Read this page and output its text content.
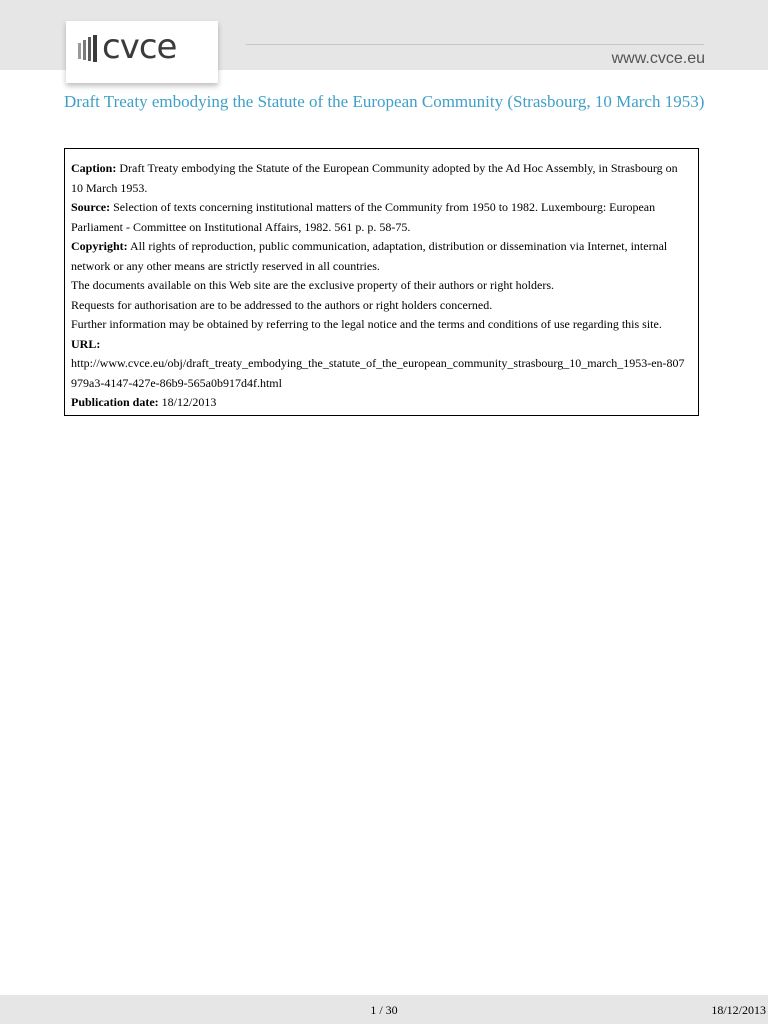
cvce	www.cvce.eu
Draft Treaty embodying the Statute of the European Community (Strasbourg, 10 March 1953)

Caption: Draft Treaty embodying the Statute of the European Community adopted by the Ad Hoc Assembly, in Strasbourg on 10 March 1953.

Source: Selection of texts concerning institutional matters of the Community from 1950 to 1982. Luxembourg: European Parliament - Committee on Institutional Affairs, 1982. 561 p. p. 58-75.

Copyright: All rights of reproduction, public communication, adaptation, distribution or dissemination via Internet, internal network or any other means are strictly reserved in all countries.

The documents available on this Web site are the exclusive property of their authors or right holders.

Requests for authorisation are to be addressed to the authors or right holders concerned.

Further information may be obtained by referring to the legal notice and the terms and conditions of use regarding this site.

URL:

http://www.cvce.eu/obj/draft_treaty_embodying_the_statute_of_the_european_community_strasbourg_10_march_1953-en-807979a3-4147-427e-86b9-565a0b917d4f.html

Publication date: 18/12/2013

1 / 30	18/12/2013
